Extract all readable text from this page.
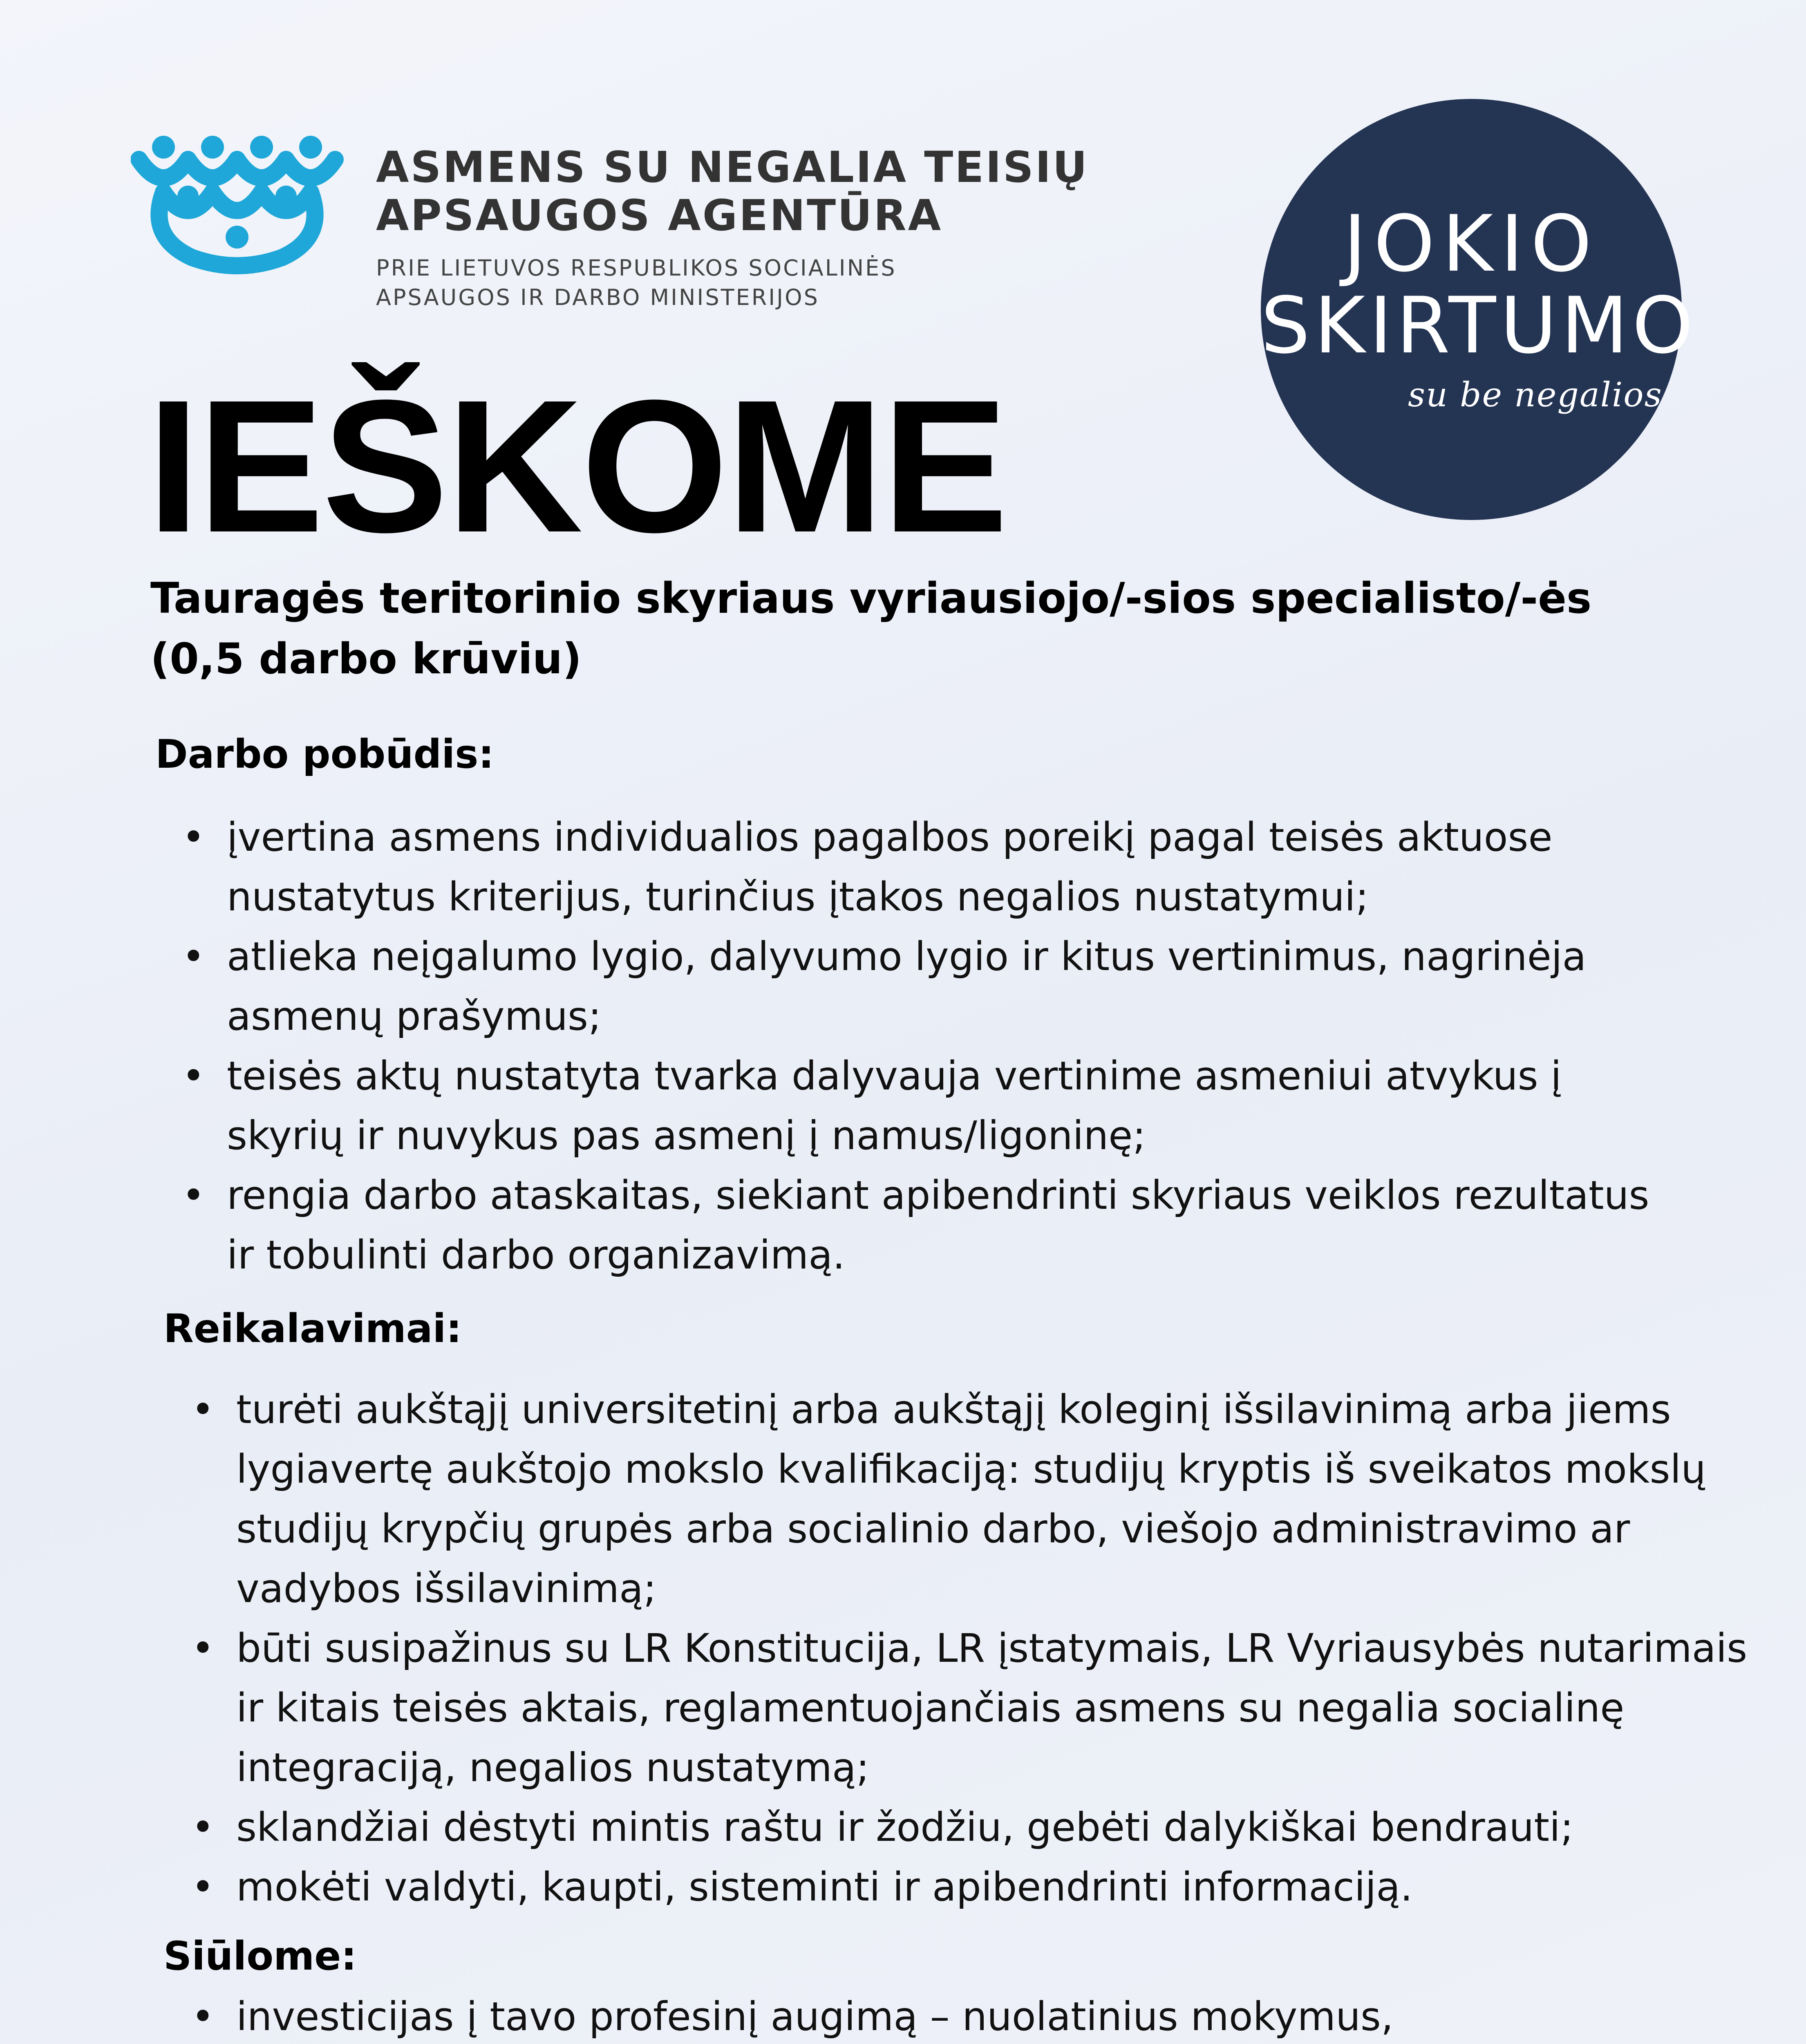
ASMENS SU NEGALIA TEISIŲ
APSAUGOS AGENTŪRA
PRIE LIETUVOS RESPUBLIKOS SOCIALINĖS
APSAUGOS IR DARBO MINISTERIJOS
JOKIO
SKIRTUMO
su be negalios
IEŠKOME
Tauragės teritorinio skyriaus vyriausiojo/-sios specialisto/-ės
(0,5 darbo krūviu)
Darbo pobūdis:
• įvertina asmens individualios pagalbos poreikį pagal teisės aktuose
nustatytus kriterijus, turinčius įtakos negalios nustatymui;
• atlieka neįgalumo lygio, dalyvumo lygio ir kitus vertinimus, nagrinėja
asmenų prašymus;
• teisės aktų nustatyta tvarka dalyvauja vertinime asmeniui atvykus į
skyrių ir nuvykus pas asmenį į namus/ligoninę;
• rengia darbo ataskaitas, siekiant apibendrinti skyriaus veiklos rezultatus
ir tobulinti darbo organizavimą.
Reikalavimai:
• turėti aukštąjį universitetinį arba aukštąjį koleginį išsilavinimą arba jiems
lygiavertę aukštojo mokslo kvalifikaciją: studijų kryptis iš sveikatos mokslų
studijų krypčių grupės arba socialinio darbo, viešojo administravimo ar
vadybos išsilavinimą;
• būti susipažinus su LR Konstitucija, LR įstatymais, LR Vyriausybės nutarimais
ir kitais teisės aktais, reglamentuojančiais asmens su negalia socialinę
integraciją, negalios nustatymą;
• sklandžiai dėstyti mintis raštu ir žodžiu, gebėti dalykiškai bendrauti;
• mokėti valdyti, kaupti, sisteminti ir apibendrinti informaciją.
Siūlome:
• investicijas į tavo profesinį augimą – nuolatinius mokymus,
